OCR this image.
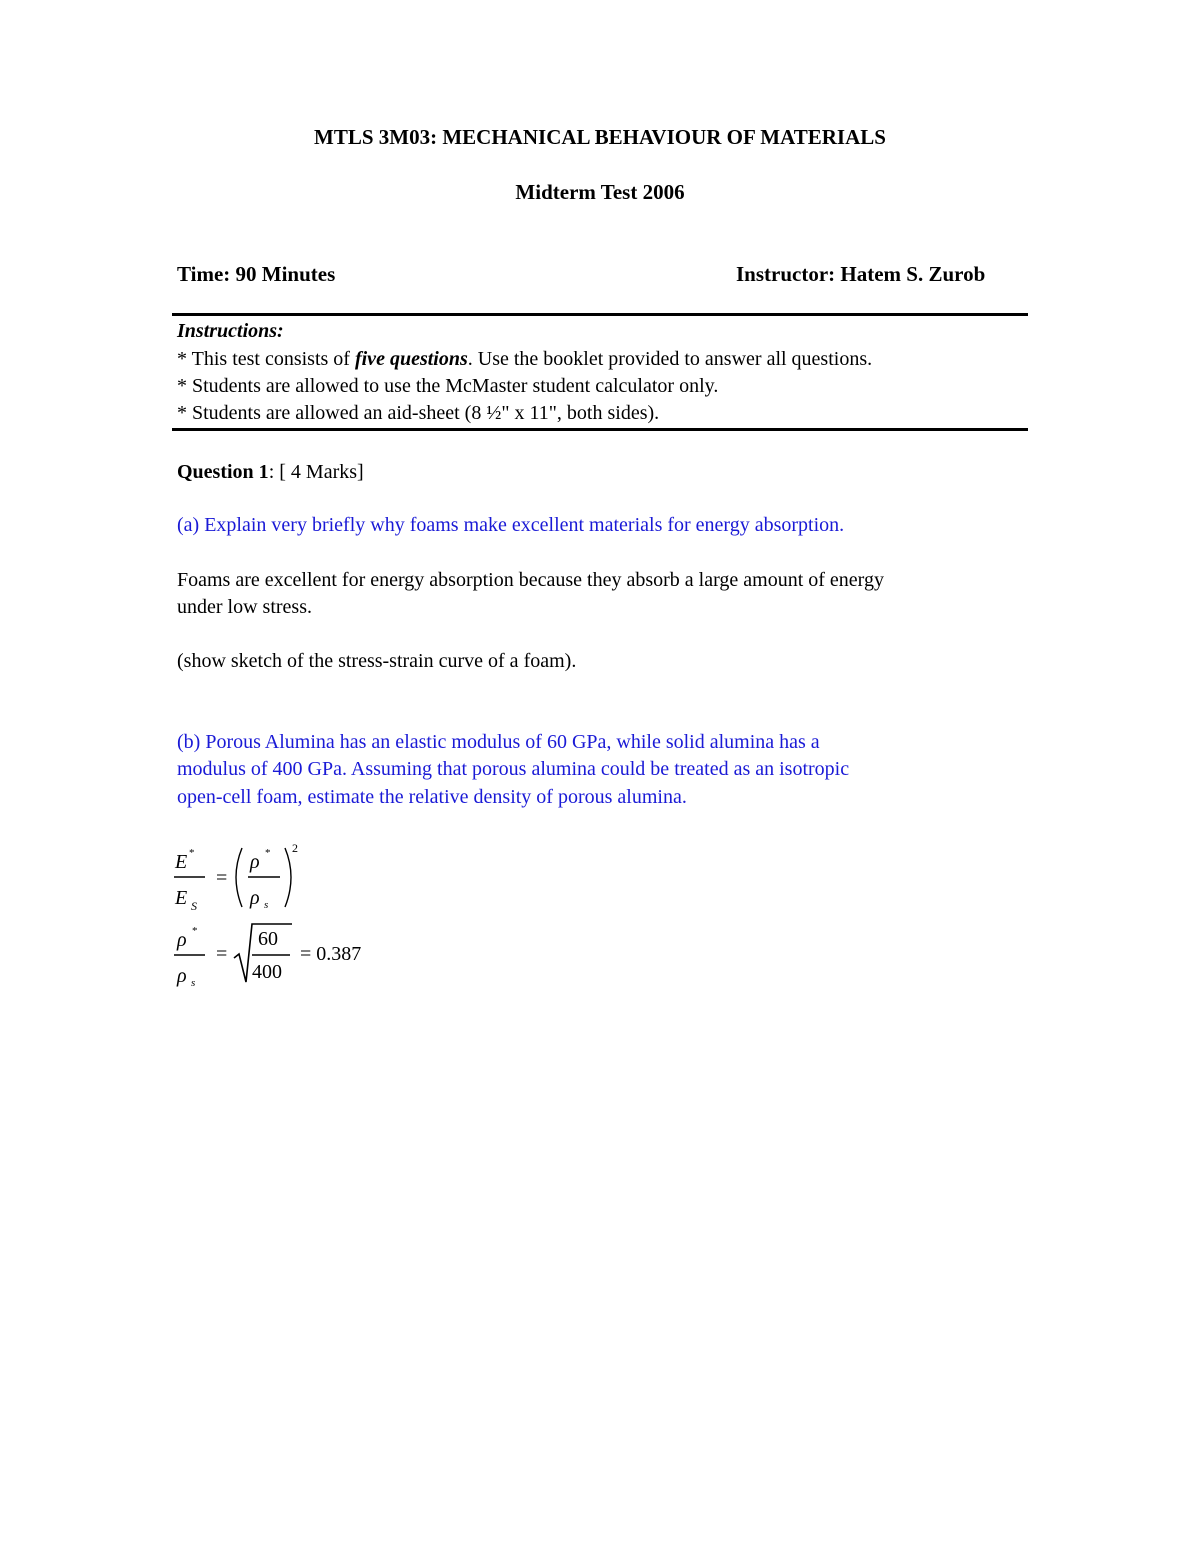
MTLS 3M03: MECHANICAL BEHAVIOUR OF MATERIALS
Midterm Test 2006
Time: 90 Minutes	Instructor: Hatem S. Zurob
Instructions:
* This test consists of five questions. Use the booklet provided to answer all questions.
* Students are allowed to use the McMaster student calculator only.
* Students are allowed an aid-sheet (8 ½" x 11", both sides).
Question 1: [ 4 Marks]
(a) Explain very briefly why foams make excellent materials for energy absorption.
Foams are excellent for energy absorption because they absorb a large amount of energy
under low stress.
(show sketch of the stress-strain curve of a foam).
(b) Porous Alumina has an elastic modulus of 60 GPa, while solid alumina has a
modulus of 400 GPa. Assuming that porous alumina could be treated as an isotropic
open-cell foam, estimate the relative density of porous alumina.
E *
E S
=
ρ *
ρ s
2
ρ *
ρ s
=
60
400
= 0.387
